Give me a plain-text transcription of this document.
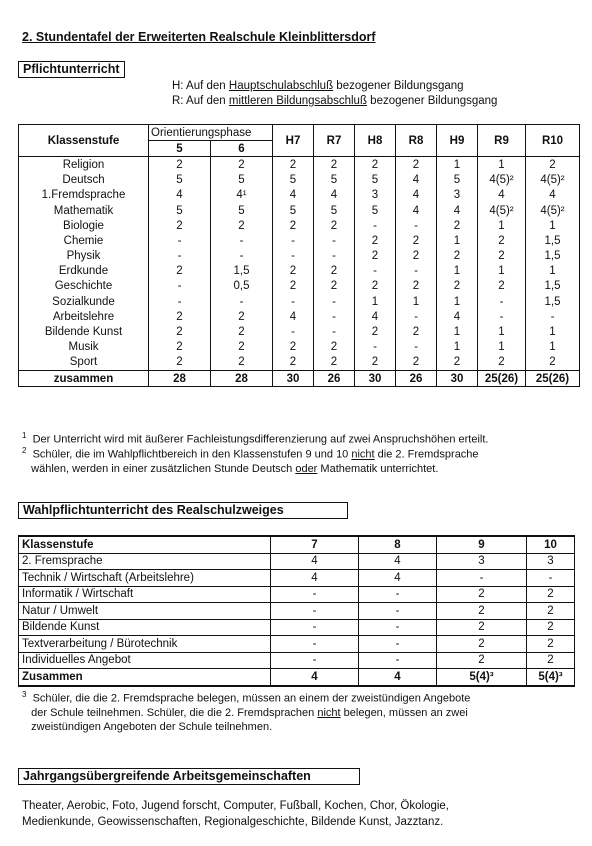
2. Stundentafel der Erweiterten Realschule Kleinblittersdorf
Pflichtunterricht
H: Auf den Hauptschulabschluß bezogener Bildungsgang
R: Auf den mittleren Bildungsabschluß bezogener Bildungsgang
Klassenstufe	Orientierungsphase		H7	R7	H8	R8	H9	R9	R10
	5	6							
Religion	2	2	2	2	2	2	1	1	2
Deutsch	5	5	5	5	5	4	5	4(5)²	4(5)²
1.Fremdsprache	4	4¹	4	4	3	4	3	4	4
Mathematik	5	5	5	5	5	4	4	4(5)²	4(5)²
Biologie	2	2	2	2	-	-	2	1	1
Chemie	-	-	-	-	2	2	1	2	1,5
Physik	-	-	-	-	2	2	2	2	1,5
Erdkunde	2	1,5	2	2	-	-	1	1	1
Geschichte	-	0,5	2	2	2	2	2	2	1,5
Sozialkunde	-	-	-	-	1	1	1	-	1,5
Arbeitslehre	2	2	4	-	4	-	4	-	-
Bildende Kunst	2	2	-	-	2	2	1	1	1
Musik	2	2	2	2	-	-	1	1	1
Sport	2	2	2	2	2	2	2	2	2
zusammen	28	28	30	26	30	26	30	25(26)	25(26)
$^1$ Der Unterricht wird mit äußerer Fachleistungsdifferenzierung auf zwei Anspruchshöhen erteilt.
$^2$ Schüler, die im Wahlpflichtbereich in den Klassenstufen 9 und 10 nicht die 2. Fremdsprache
wählen, werden in einer zusätzlichen Stunde Deutsch oder Mathematik unterrichtet.
Wahlpflichtunterricht des Realschulzweiges
Klassenstufe	7	8	9	10
2. Fremsprache	4	4	3	3
Technik / Wirtschaft (Arbeitslehre)	4	4	-	-
Informatik / Wirtschaft	-	-	2	2
Natur / Umwelt	-	-	2	2
Bildende Kunst	-	-	2	2
Textverarbeitung / Bürotechnik	-	-	2	2
Individuelles Angebot	-	-	2	2
Zusammen	4	4	5(4)³	5(4)³
$^3$ Schüler, die die 2. Fremdsprache belegen, müssen an einem der zweistündigen Angebote
der Schule teilnehmen. Schüler, die die 2. Fremdsprachen nicht belegen, müssen an zwei
zweistündigen Angeboten der Schule teilnehmen.
Jahrgangsübergreifende Arbeitsgemeinschaften
Theater, Aerobic, Foto, Jugend forscht, Computer, Fußball, Kochen, Chor, Ökologie,
Medienkunde, Geowissenschaften, Regionalgeschichte, Bildende Kunst, Jazztanz.
